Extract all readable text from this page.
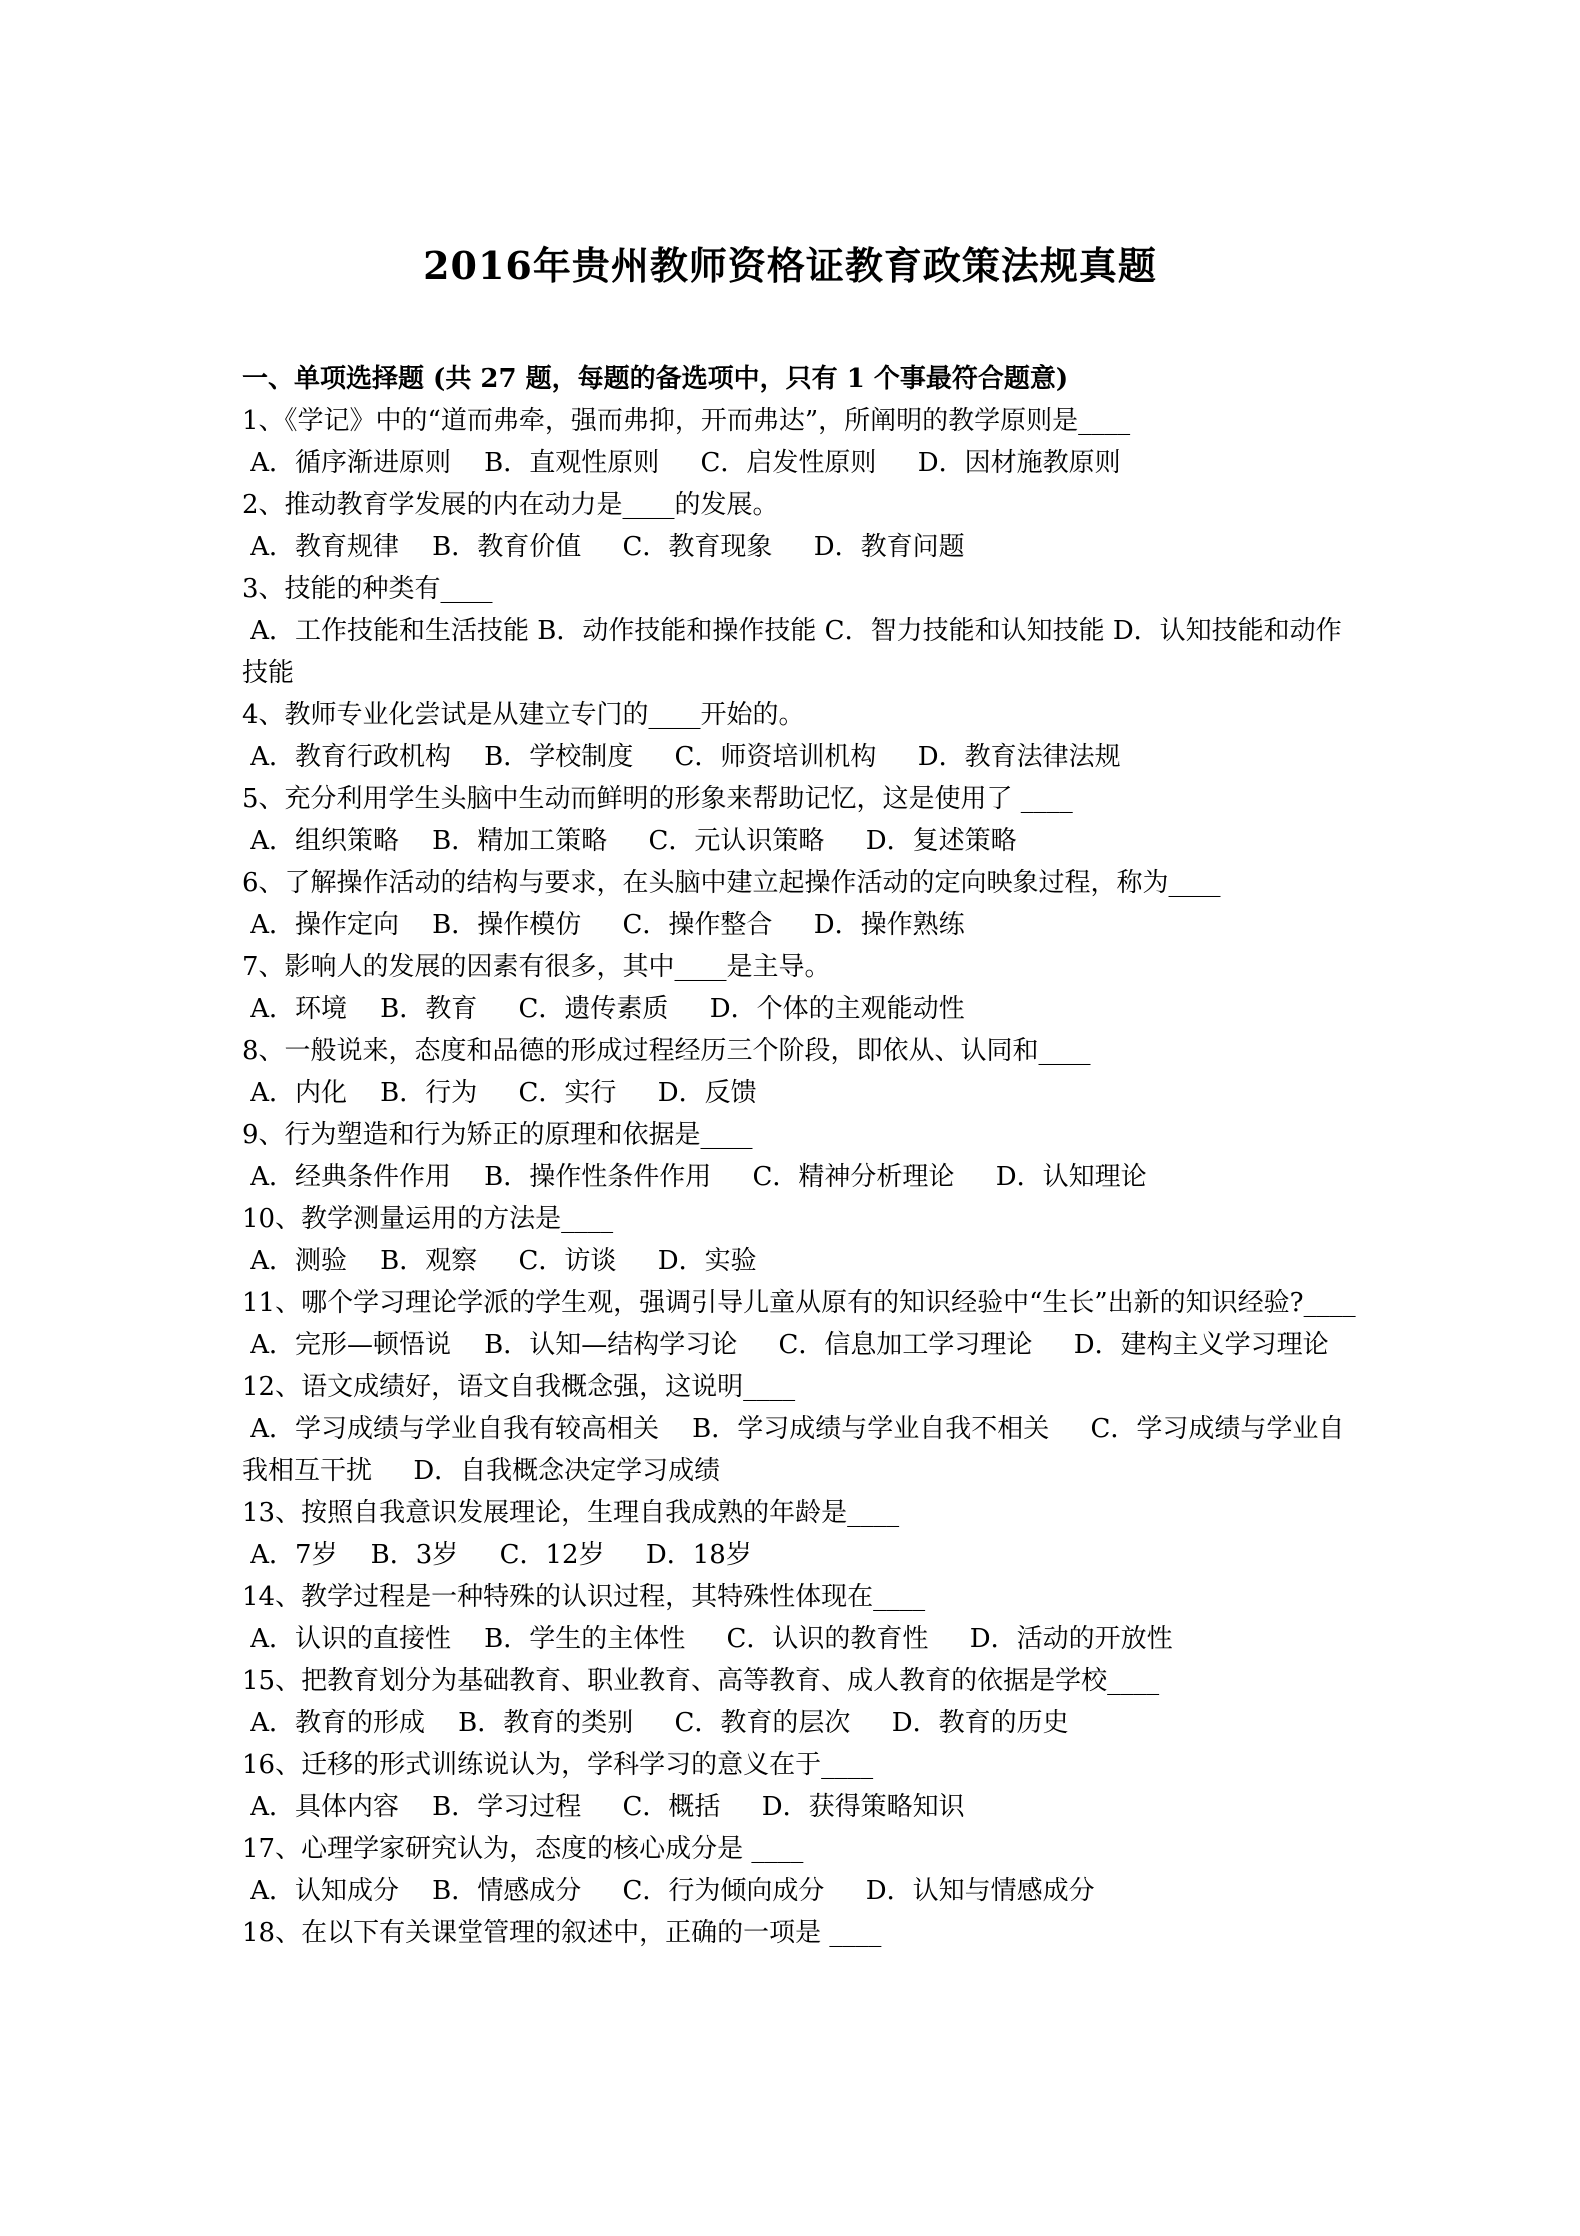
2016年贵州教师资格证教育政策法规真题
一、单项选择题 (共 27 题，每题的备选项中，只有 1 个事最符合题意)
1、《学记》中的“道而弗牵，强而弗抑，开而弗达”，所阐明的教学原则是____
A．循序渐进原则    B．直观性原则     C．启发性原则     D．因材施教原则
2、推动教育学发展的内在动力是____的发展。
A．教育规律    B．教育价值     C．教育现象     D．教育问题
3、技能的种类有____
A．工作技能和生活技能 B．动作技能和操作技能 C．智力技能和认知技能 D．认知技能和动作技能
4、教师专业化尝试是从建立专门的____开始的。
A．教育行政机构    B．学校制度     C．师资培训机构     D．教育法律法规
5、充分利用学生头脑中生动而鲜明的形象来帮助记忆，这是使用了 ____
A．组织策略    B．精加工策略     C．元认识策略     D．复述策略
6、了解操作活动的结构与要求，在头脑中建立起操作活动的定向映象过程，称为____
A．操作定向    B．操作模仿     C．操作整合     D．操作熟练
7、影响人的发展的因素有很多，其中____是主导。
A．环境    B．教育     C．遗传素质     D．个体的主观能动性
8、一般说来，态度和品德的形成过程经历三个阶段，即依从、认同和____
A．内化    B．行为     C．实行     D．反馈
9、行为塑造和行为矫正的原理和依据是____
A．经典条件作用    B．操作性条件作用     C．精神分析理论     D．认知理论
10、教学测量运用的方法是____
A．测验    B．观察     C．访谈     D．实验
11、哪个学习理论学派的学生观，强调引导儿童从原有的知识经验中“生长”出新的知识经验?____
A．完形—顿悟说    B．认知—结构学习论     C．信息加工学习理论     D．建构主义学习理论
12、语文成绩好，语文自我概念强，这说明____
A．学习成绩与学业自我有较高相关    B．学习成绩与学业自我不相关     C．学习成绩与学业自我相互干扰     D．自我概念决定学习成绩
13、按照自我意识发展理论，生理自我成熟的年龄是____
A．7岁    B．3岁     C．12岁     D．18岁
14、教学过程是一种特殊的认识过程，其特殊性体现在____
A．认识的直接性    B．学生的主体性     C．认识的教育性     D．活动的开放性
15、把教育划分为基础教育、职业教育、高等教育、成人教育的依据是学校____
A．教育的形成    B．教育的类别     C．教育的层次     D．教育的历史
16、迁移的形式训练说认为，学科学习的意义在于____
A．具体内容    B．学习过程     C．概括     D．获得策略知识
17、心理学家研究认为，态度的核心成分是 ____
A．认知成分    B．情感成分     C．行为倾向成分     D．认知与情感成分
18、在以下有关课堂管理的叙述中，正确的一项是 ____
